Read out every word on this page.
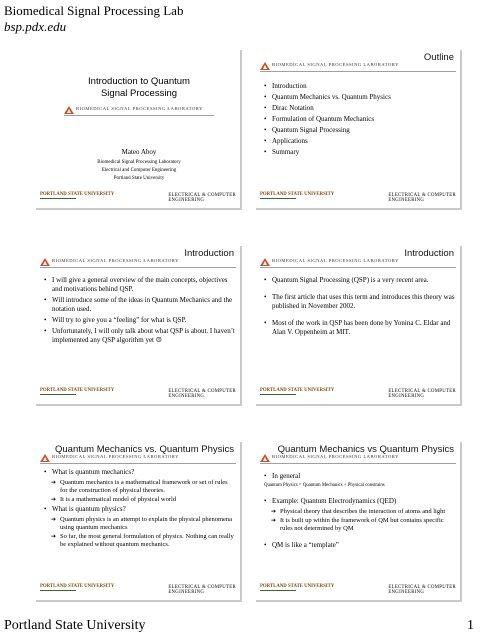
Biomedical Signal Processing Lab
bsp.pdx.edu
Introduction to Quantum
Signal Processing
BIOMEDICAL SIGNAL PROCESSING LABORATORY
Mateo Aboy
Biomedical Signal Processing Laboratory
Electrical and Computer Engineering
Portland State University
PORTLAND STATE UNIVERSITY	ELECTRICAL & COMPUTER
ENGINEERING
Outline
BIOMEDICAL SIGNAL PROCESSING LABORATORY
• Introduction
• Quantum Mechanics vs. Quantum Physics
• Dirac Notation
• Formulation of Quantum Mechanics
• Quantum Signal Processing
• Applications
• Summary
PORTLAND STATE UNIVERSITY	ELECTRICAL & COMPUTER
ENGINEERING
Introduction
BIOMEDICAL SIGNAL PROCESSING LABORATORY
• I will give a general overview of the main concepts, objectives and motivations behind QSP.
• Will introduce some of the ideas in Quantum Mechanics and the notation used.
• Will try to give you a “feeling” for what is QSP.
• Unfortunately, I will only talk about what QSP is about. I haven’t implemented any QSP algorithm yet ☹
PORTLAND STATE UNIVERSITY	ELECTRICAL & COMPUTER
ENGINEERING
Introduction
BIOMEDICAL SIGNAL PROCESSING LABORATORY
• Quantum Signal Processing (QSP) is a very recent area.
• The first article that uses this term and introduces this theory was published in November 2002.
• Most of the work in QSP has been done by Yonina C. Eldar and Alan V. Oppenheim at MIT.
PORTLAND STATE UNIVERSITY	ELECTRICAL & COMPUTER
ENGINEERING
Quantum Mechanics vs. Quantum Physics
BIOMEDICAL SIGNAL PROCESSING LABORATORY
• What is quantum mechanics?
➔ Quantum mechanics is a mathematical framework or set of rules for the construction of physical theories.
➔ It is a mathematical model of physical world
• What is quantum physics?
➔ Quantum physics is an attempt to explain the physical phenomena using quantum mechanics
➔ So far, the most general formulation of physics. Nothing can really be explained without quantum mechanics.
PORTLAND STATE UNIVERSITY	ELECTRICAL & COMPUTER
ENGINEERING
Quantum Mechanics vs Quantum Physics
BIOMEDICAL SIGNAL PROCESSING LABORATORY
• In general
Quantum Physics = Quantum Mechanics + Physical constrains
• Example: Quantum Electrodynamics (QED)
➔ Physical theory that describes the interaction of atoms and light
➔ It is built up within the framework of QM but contains specific rules not determined by QM
• QM is like a “template”
PORTLAND STATE UNIVERSITY	ELECTRICAL & COMPUTER
ENGINEERING
Portland State University	1
